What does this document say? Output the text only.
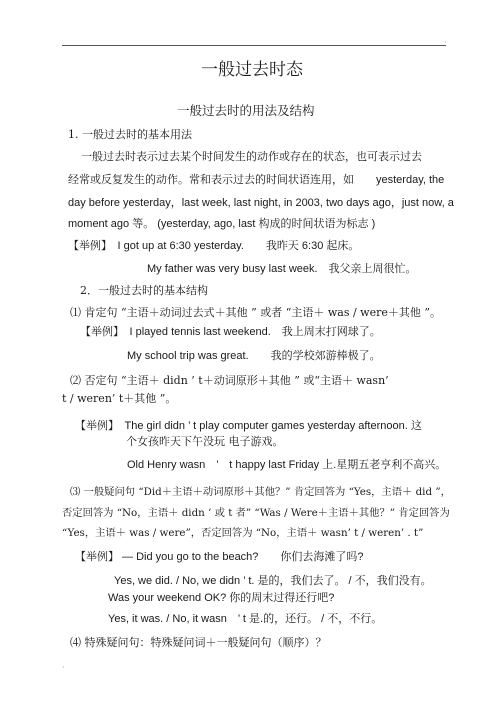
·
·
一般过去时态
一般过去时的用法及结构
1. 一般过去时的基本用法
一般过去时表示过去某个时间发生的动作或存在的状态，也可表示过去
经常或反复发生的动作。常和表示过去的时间状语连用，如　　yesterday, the
day before yesterday，last week, last night, in 2003, two days ago，just now, a
moment ago 等。 (yesterday, ago, last 构成的时间状语为标志 )
【举例】　I got up at 6:30 yesterday.　　我昨天 6:30 起床。
My father was very busy last week.　我父亲上周很忙。
2．一般过去时的基本结构
⑴ 肯定句 “主语＋动词过去式＋其他 ” 或者 “主语＋ was / were＋其他 ”。
【举例】　I played tennis last weekend.　我上周末打网球了。
My school trip was great.　　我的学校郊游棒极了。
⑵ 否定句 “主语＋ didn ’ t＋动词原形＋其他 ” 或“主语＋ wasn’
t / weren’ t＋其他 ”。
【举例】　The girl didn ’ t play computer games yesterday afternoon. 这
个女孩昨天下午没玩 电子游戏。
Old Henry wasn　’　t happy last Friday 上.星期五老亨利不高兴。
⑶ 一般疑问句 “Did＋主语＋动词原形＋其他？” 肯定回答为 “Yes，主语＋ did ”，
否定回答为 “No，主语＋ didn ’ 或 t 者” “Was / Were＋主语＋其他？” 肯定回答为
“Yes，主语＋ was / were”，否定回答为 “No，主语＋ wasn’ t / weren’ . t”
【举例】 — Did you go to the beach?　　你们去海滩了吗?
Yes, we did. / No, we didn ’ t. 是的，我们去了。 / 不，我们没有。
Was your weekend OK? 你的周末过得还行吧?
Yes, it was. / No, it wasn　’ t 是.的，还行。 / 不，不行。
⑷ 特殊疑问句：特殊疑问词＋一般疑问句（顺序）？
